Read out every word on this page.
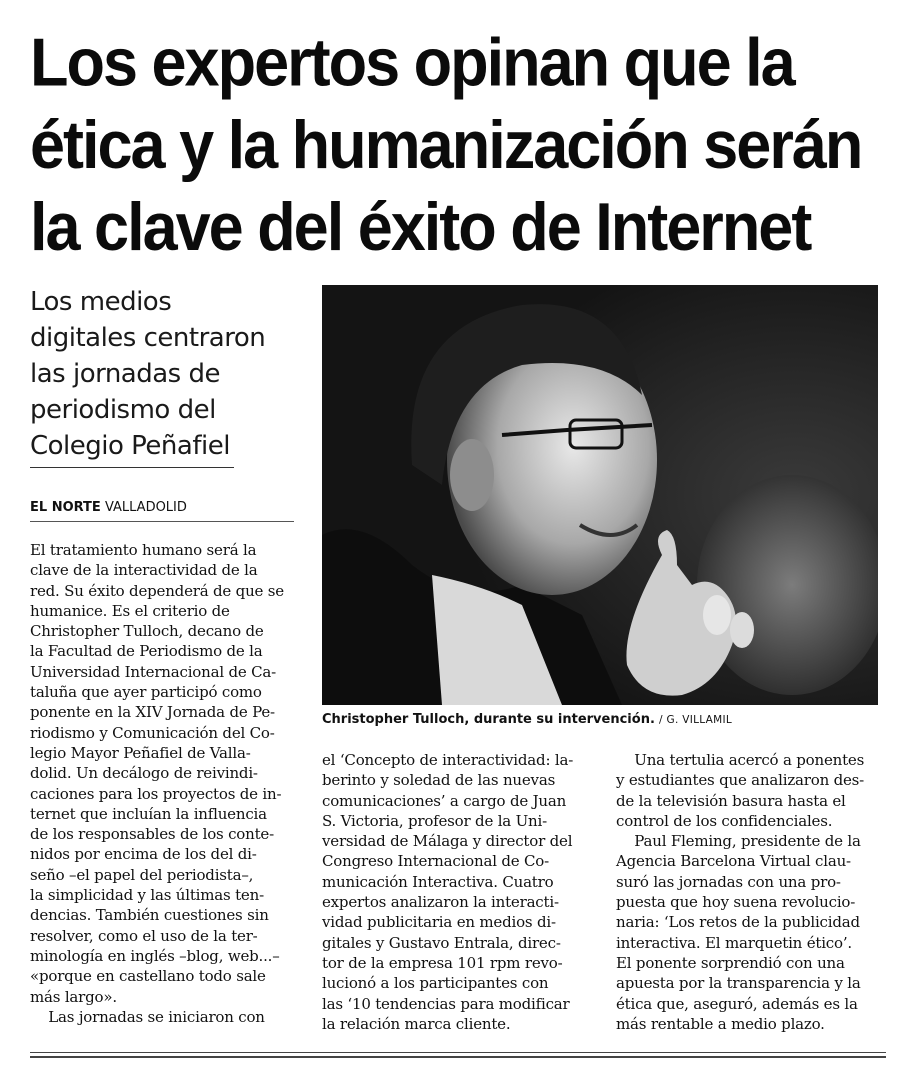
Los expertos opinan que la
ética y la humanización serán
la clave del éxito de Internet
Los medios
digitales centraron
las jornadas de
periodismo del
Colegio Peñafiel
EL NORTE VALLADOLID
El tratamiento humano será la
clave de la interactividad de la
red. Su éxito dependerá de que se
humanice. Es el criterio de
Christopher Tulloch, decano de
la Facultad de Periodismo de la
Universidad Internacional de Ca-
taluña que ayer participó como
ponente en la XIV Jornada de Pe-
riodismo y Comunicación del Co-
legio Mayor Peñafiel de Valla-
dolid. Un decálogo de reivindi-
caciones para los proyectos de in-
ternet que incluían la influencia
de los responsables de los conte-
nidos por encima de los del di-
seño –el papel del periodista–,
la simplicidad y las últimas ten-
dencias. También cuestiones sin
resolver, como el uso de la ter-
minología en inglés –blog, web...–
«porque en castellano todo sale
más largo».
Las jornadas se iniciaron con
Christopher Tulloch, durante su intervención. / G. VILLAMIL
el ‘Concepto de interactividad: la-
berinto y soledad de las nuevas
comunicaciones’ a cargo de Juan
S. Victoria, profesor de la Uni-
versidad de Málaga y director del
Congreso Internacional de Co-
municación Interactiva. Cuatro
expertos analizaron la interacti-
vidad publicitaria en medios di-
gitales y Gustavo Entrala, direc-
tor de la empresa 101 rpm revo-
lucionó a los participantes con
las ‘10 tendencias para modificar
la relación marca cliente.
Una tertulia acercó a ponentes
y estudiantes que analizaron des-
de la televisión basura hasta el
control de los confidenciales.
Paul Fleming, presidente de la
Agencia Barcelona Virtual clau-
suró las jornadas con una pro-
puesta que hoy suena revolucio-
naria: ‘Los retos de la publicidad
interactiva. El marquetin ético’.
El ponente sorprendió con una
apuesta por la transparencia y la
ética que, aseguró, además es la
más rentable a medio plazo.
